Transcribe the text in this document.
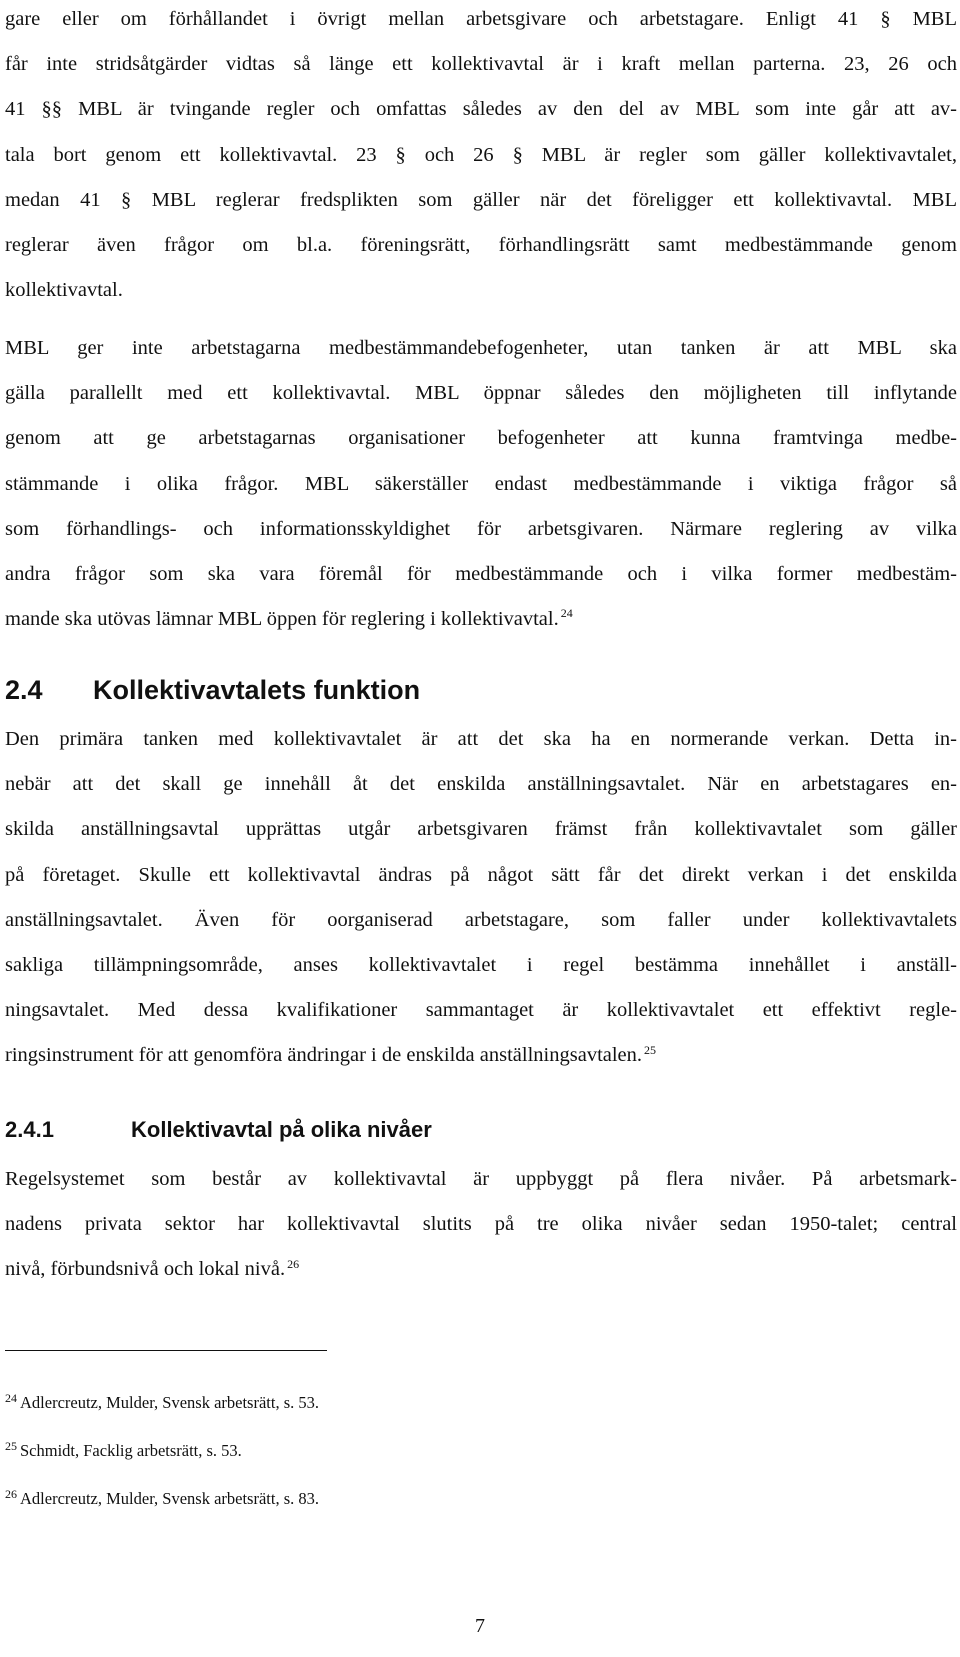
gare eller om förhållandet i övrigt mellan arbetsgivare och arbetstagare. Enligt 41 § MBL
får inte stridsåtgärder vidtas så länge ett kollektivavtal är i kraft mellan parterna. 23, 26 och
41 §§ MBL är tvingande regler och omfattas således av den del av MBL som inte går att av-
tala bort genom ett kollektivavtal. 23 § och 26 § MBL är regler som gäller kollektivavtalet,
medan 41 § MBL reglerar fredsplikten som gäller när det föreligger ett kollektivavtal. MBL
reglerar även frågor om bl.a. föreningsrätt, förhandlingsrätt samt medbestämmande genom
kollektivavtal.

MBL ger inte arbetstagarna medbestämmandebefogenheter, utan tanken är att MBL ska
gälla parallellt med ett kollektivavtal. MBL öppnar således den möjligheten till inflytande
genom att ge arbetstagarnas organisationer befogenheter att kunna framtvinga medbe-
stämmande i olika frågor. MBL säkerställer endast medbestämmande i viktiga frågor så
som förhandlings- och informationsskyldighet för arbetsgivaren. Närmare reglering av vilka
andra frågor som ska vara föremål för medbestämmande och i vilka former medbestäm-
mande ska utövas lämnar MBL öppen för reglering i kollektivavtal. $^{24}$

2.4 Kollektivavtalets funktion

Den primära tanken med kollektivavtalet är att det ska ha en normerande verkan. Detta in-
nebär att det skall ge innehåll åt det enskilda anställningsavtalet. När en arbetstagares en-
skilda anställningsavtal upprättas utgår arbetsgivaren främst från kollektivavtalet som gäller
på företaget. Skulle ett kollektivavtal ändras på något sätt får det direkt verkan i det enskilda
anställningsavtalet. Även för oorganiserad arbetstagare, som faller under kollektivavtalets
sakliga tillämpningsområde, anses kollektivavtalet i regel bestämma innehållet i anställ-
ningsavtalet. Med dessa kvalifikationer sammantaget är kollektivavtalet ett effektivt regle-
ringsinstrument för att genomföra ändringar i de enskilda anställningsavtalen. $^{25}$

2.4.1	Kollektivavtal på olika nivåer

Regelsystemet som består av kollektivavtal är uppbyggt på flera nivåer. På arbetsmark-
nadens privata sektor har kollektivavtal slutits på tre olika nivåer sedan 1950-talet; central
nivå, förbundsnivå och lokal nivå. $^{26}$

$^{24}$ Adlercreutz, Mulder, Svensk arbetsrätt, s. 53.

$^{25}$ Schmidt, Facklig arbetsrätt, s. 53.

$^{26}$ Adlercreutz, Mulder, Svensk arbetsrätt, s. 83.

7
